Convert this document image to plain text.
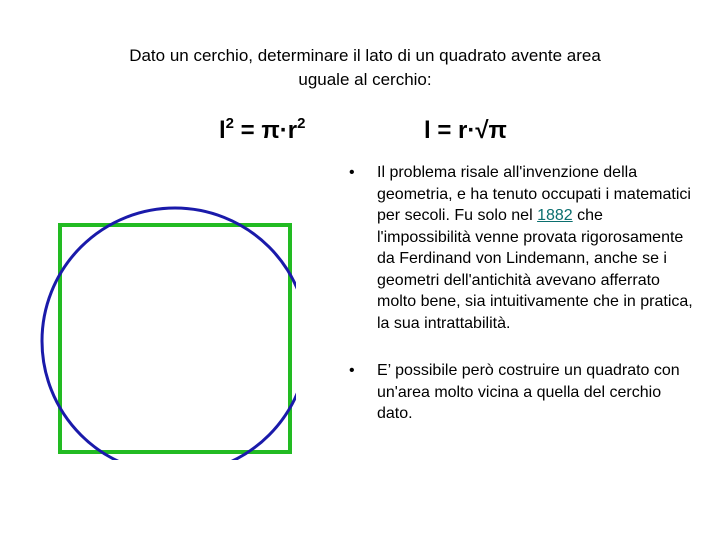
Dato un cerchio, determinare il lato di un quadrato avente area
uguale al cerchio:
$l^2 = \pi\cdot r^2$	l = r·√π
• Il problema risale all'invenzione della geometria, e ha tenuto occupati i matematici per secoli. Fu solo nel 1882 che l'impossibilità venne provata rigorosamente da Ferdinand von Lindemann, anche se i geometri dell'antichità avevano afferrato molto bene, sia intuitivamente che in pratica, la sua intrattabilità.
• E’ possibile però costruire un quadrato con un'area molto vicina a quella del cerchio dato.
